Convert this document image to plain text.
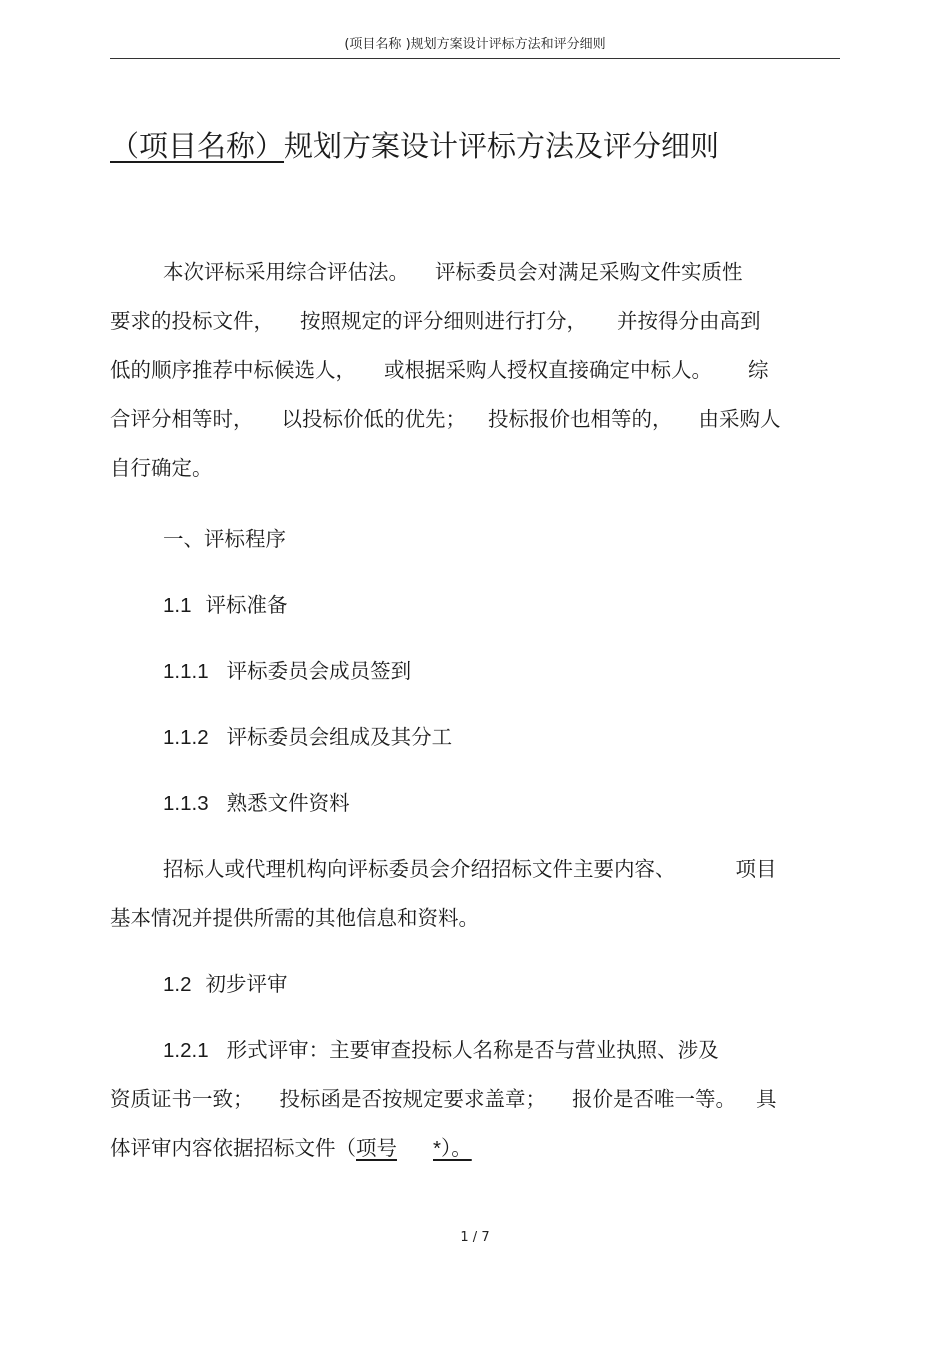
(项目名称 )规划方案设计评标方法和评分细则
（项目名称）规划方案设计评标方法及评分细则
本次评标采用综合评估法。 评标委员会对满足采购文件实质性
要求的投标文件， 按照规定的评分细则进行打分， 并按得分由高到
低的顺序推荐中标候选人， 或根据采购人授权直接确定中标人。 综
合评分相等时， 以投标价低的优先； 投标报价也相等的， 由采购人
自行确定。
一、评标程序
1.1 评标准备
1.1.1 评标委员会成员签到
1.1.2 评标委员会组成及其分工
1.1.3 熟悉文件资料
招标人或代理机构向评标委员会介绍招标文件主要内容、	项目
基本情况并提供所需的其他信息和资料。
1.2 初步评审
1.2.1 形式评审：主要审查投标人名称是否与营业执照、涉及
资质证书一致； 投标函是否按规定要求盖章； 报价是否唯一等。 具
体评审内容依据招标文件（项号 *）。
1 / 7
